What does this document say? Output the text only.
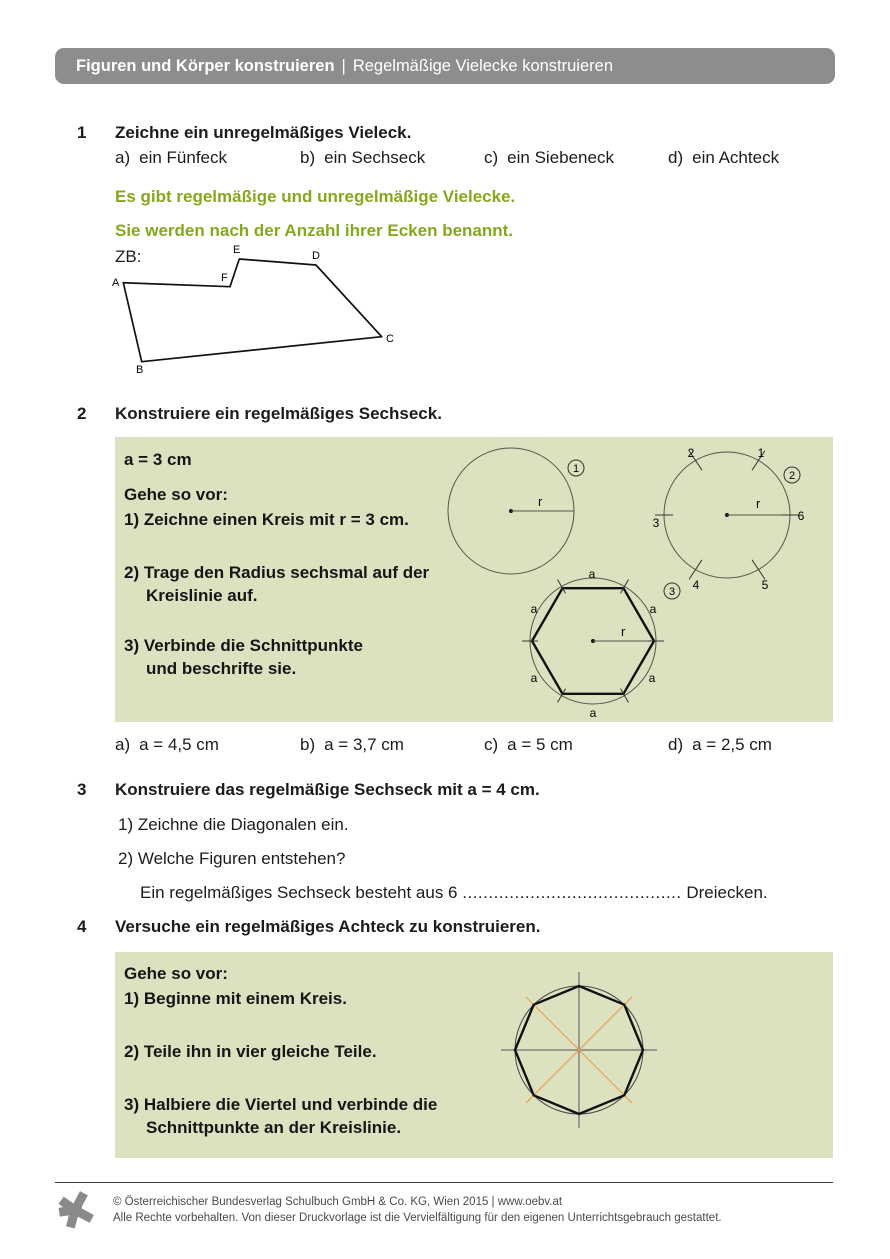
Figuren und Körper konstruieren | Regelmäßige Vielecke konstruieren
1	Zeichne ein unregelmäßiges Vieleck.
a) ein Fünfeck	b) ein Sechseck	c) ein Siebeneck	d) ein Achteck
Es gibt regelmäßige und unregelmäßige Vielecke.
Sie werden nach der Anzahl ihrer Ecken benannt.
ZB:
A
B
C
D
E
F
2	Konstruiere ein regelmäßiges Sechseck.
a = 3 cm
Gehe so vor:
1) Zeichne einen Kreis mit r = 3 cm.
2) Trage den Radius sechsmal auf der
Kreislinie auf.
3) Verbinde die Schnittpunkte
und beschrifte sie.
r
1
r
1
2
3
4	5
6
2
r
a
a	a
a	a
a
3
a) a = 4,5 cm	b) a = 3,7 cm	c) a = 5 cm	d) a = 2,5 cm
3	Konstruiere das regelmäßige Sechseck mit a = 4 cm.
1) Zeichne die Diagonalen ein.
2) Welche Figuren entstehen?
Ein regelmäßiges Sechseck besteht aus 6 .......................................... Dreiecken.
4	Versuche ein regelmäßiges Achteck zu konstruieren.
Gehe so vor:
1) Beginne mit einem Kreis.
2) Teile ihn in vier gleiche Teile.
3) Halbiere die Viertel und verbinde die
Schnittpunkte an der Kreislinie.
© Österreichischer Bundesverlag Schulbuch GmbH & Co. KG, Wien 2015 | www.oebv.at
Alle Rechte vorbehalten. Von dieser Druckvorlage ist die Vervielfältigung für den eigenen Unterrichtsgebrauch gestattet.
